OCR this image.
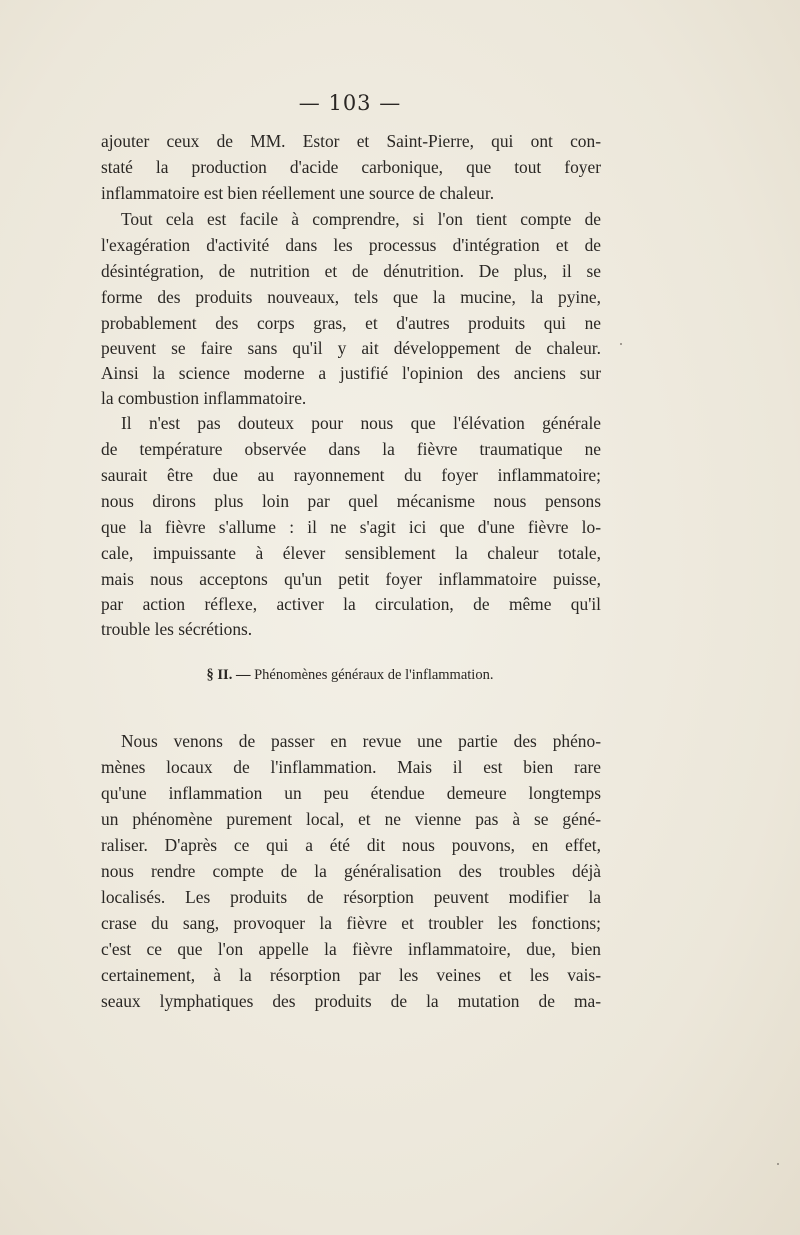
— 103 —
ajouter ceux de MM. Estor et Saint-Pierre, qui ont con-
staté la production d'acide carbonique, que tout foyer
inflammatoire est bien réellement une source de chaleur.
Tout cela est facile à comprendre, si l'on tient compte de
l'exagération d'activité dans les processus d'intégration et de
désintégration, de nutrition et de dénutrition. De plus, il se
forme des produits nouveaux, tels que la mucine, la pyine,
probablement des corps gras, et d'autres produits qui ne
peuvent se faire sans qu'il y ait développement de chaleur.
Ainsi la science moderne a justifié l'opinion des anciens sur
la combustion inflammatoire.
Il n'est pas douteux pour nous que l'élévation générale
de température observée dans la fièvre traumatique ne
saurait être due au rayonnement du foyer inflammatoire;
nous dirons plus loin par quel mécanisme nous pensons
que la fièvre s'allume : il ne s'agit ici que d'une fièvre lo-
cale, impuissante à élever sensiblement la chaleur totale,
mais nous acceptons qu'un petit foyer inflammatoire puisse,
par action réflexe, activer la circulation, de même qu'il
trouble les sécrétions.
§ II. — Phénomènes généraux de l'inflammation.
Nous venons de passer en revue une partie des phéno-
mènes locaux de l'inflammation. Mais il est bien rare
qu'une inflammation un peu étendue demeure longtemps
un phénomène purement local, et ne vienne pas à se géné-
raliser. D'après ce qui a été dit nous pouvons, en effet,
nous rendre compte de la généralisation des troubles déjà
localisés. Les produits de résorption peuvent modifier la
crase du sang, provoquer la fièvre et troubler les fonctions;
c'est ce que l'on appelle la fièvre inflammatoire, due, bien
certainement, à la résorption par les veines et les vais-
seaux lymphatiques des produits de la mutation de ma-
